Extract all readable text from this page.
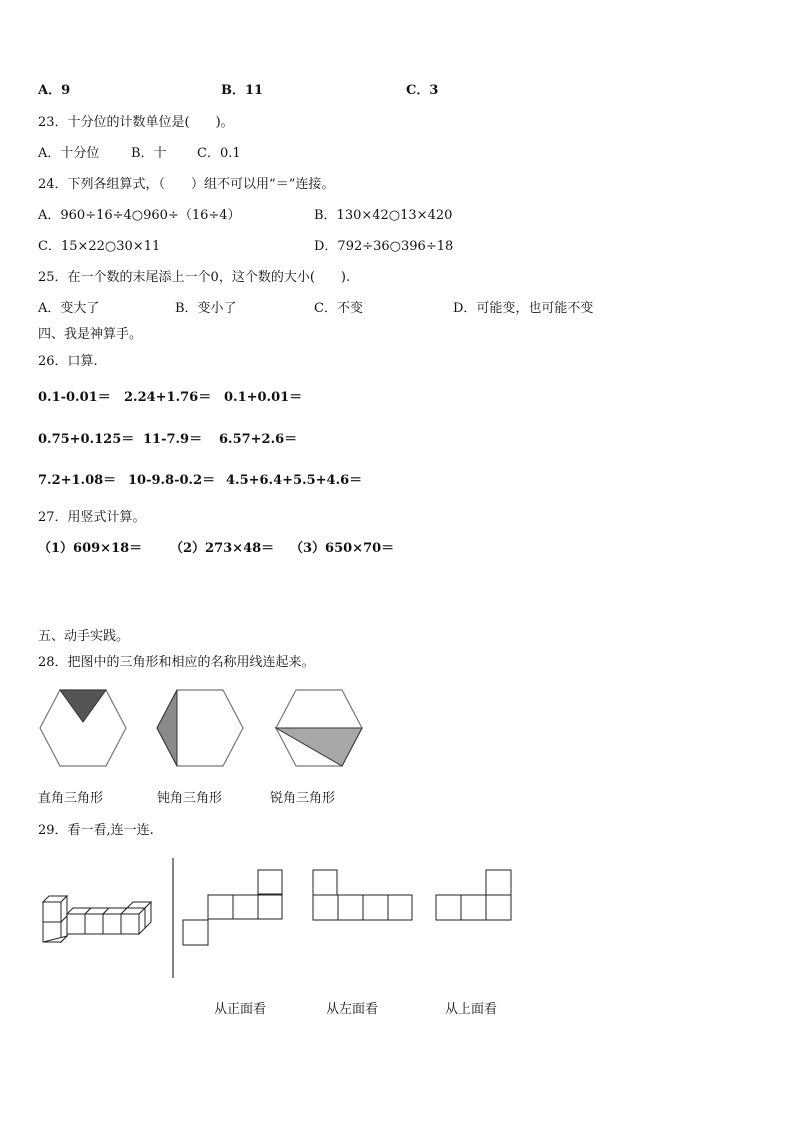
A．9	B．11	C．3
23．十分位的计数单位是(　　)。
A．十分位 B．十 C．0.1
24．下列各组算式，（　　）组不可以用“＝”连接。
A．960÷16÷4○960÷（16÷4）	B．130×42○13×420
C．15×22○30×11	D．792÷36○396÷18
25．在一个数的末尾添上一个0，这个数的大小(　　).
A．变大了	B．变小了	C．不变	D．可能变，也可能不变
四、我是神算手。
26．口算.
0.1-0.01＝ 2.24+1.76＝ 0.1+0.01＝
0.75+0.125＝ 11-7.9＝ 6.57+2.6＝
7.2+1.08＝ 10-9.8-0.2＝ 4.5+6.4+5.5+4.6＝
27．用竖式计算。
（1）609×18＝ （2）273×48＝ （3）650×70＝
五、动手实践。
28．把图中的三角形和相应的名称用线连起来。
直角三角形	钝角三角形	锐角三角形
29．看一看,连一连.
从正面看	从左面看	从上面看
